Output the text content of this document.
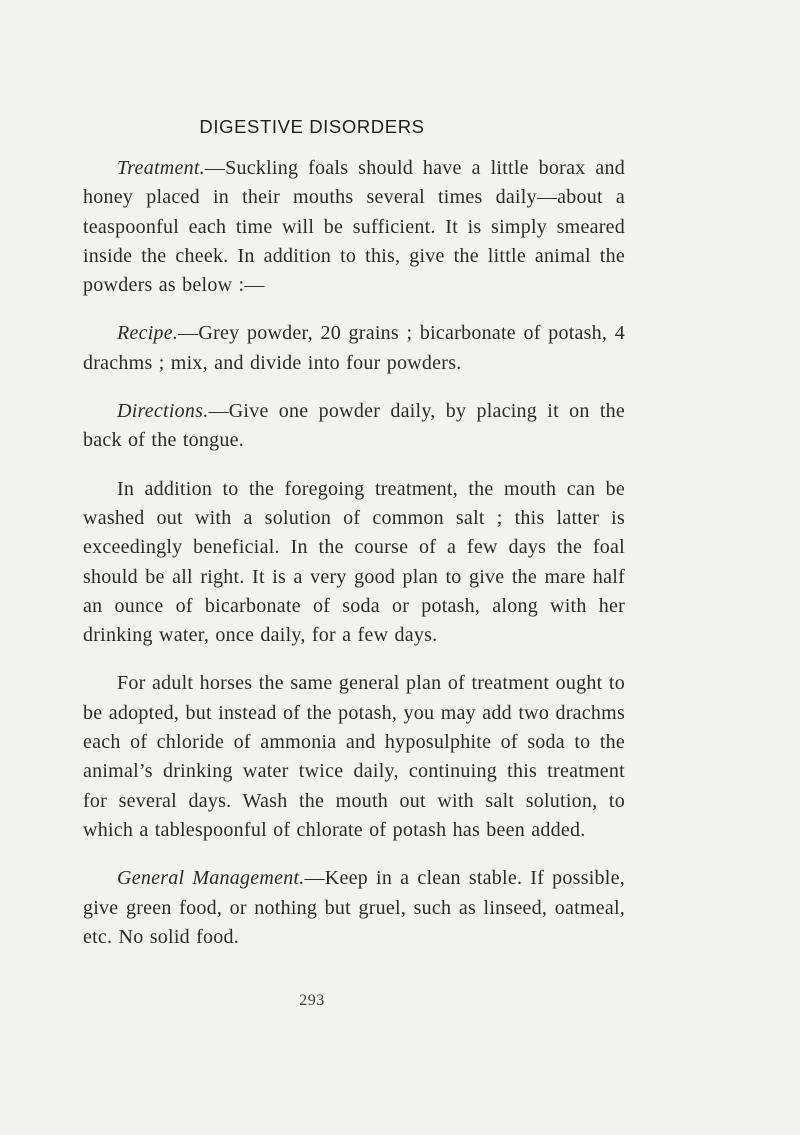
DIGESTIVE DISORDERS

Treatment.—Suckling foals should have a little borax and honey placed in their mouths several times daily—about a teaspoonful each time will be sufficient. It is simply smeared inside the cheek. In addition to this, give the little animal the powders as below :—

Recipe.—Grey powder, 20 grains ; bicarbonate of potash, 4 drachms ; mix, and divide into four powders.

Directions.—Give one powder daily, by placing it on the back of the tongue.

In addition to the foregoing treatment, the mouth can be washed out with a solution of common salt ; this latter is exceedingly beneficial. In the course of a few days the foal should be all right. It is a very good plan to give the mare half an ounce of bicarbonate of soda or potash, along with her drinking water, once daily, for a few days.

For adult horses the same general plan of treatment ought to be adopted, but instead of the potash, you may add two drachms each of chloride of ammonia and hyposulphite of soda to the animal’s drinking water twice daily, continuing this treatment for several days. Wash the mouth out with salt solution, to which a tablespoonful of chlorate of potash has been added.

General Management.—Keep in a clean stable. If possible, give green food, or nothing but gruel, such as linseed, oatmeal, etc. No solid food.

293
